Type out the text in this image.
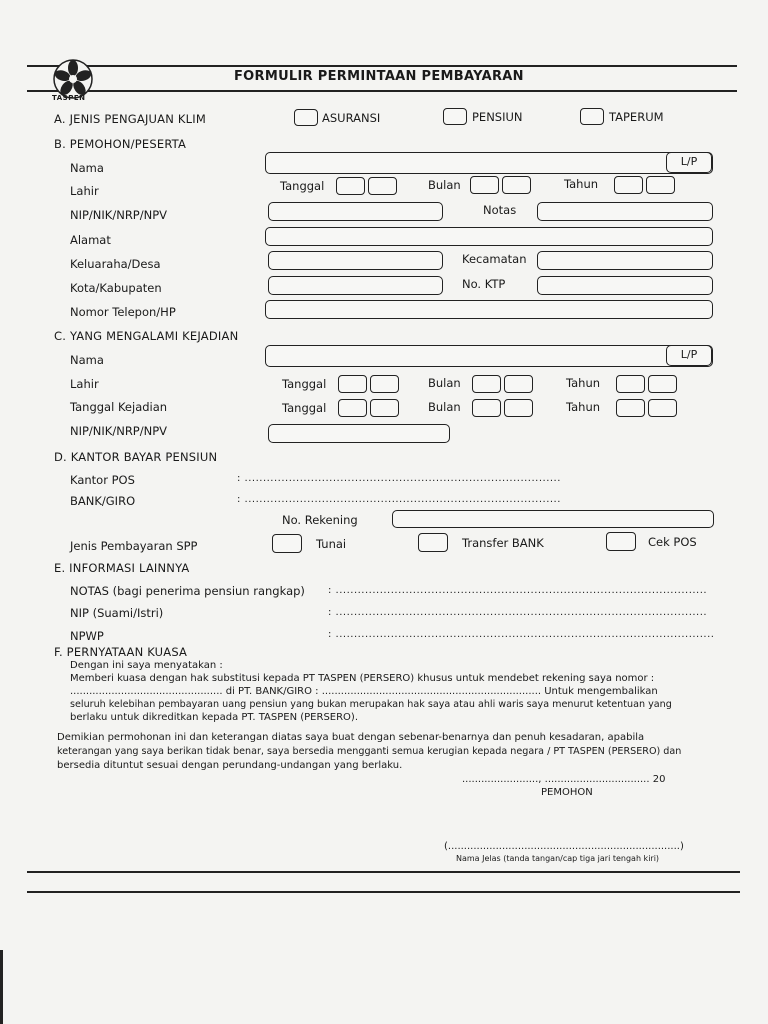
TASPEN
FORMULIR PERMINTAAN PEMBAYARAN
A. JENIS PENGAJUAN KLIM	ASURANSI	PENSIUN	TAPERUM
B. PEMOHON/PESERTA
Nama	L/P
Lahir	Tanggal	Bulan	Tahun
NIP/NIK/NRP/NPV	Notas
Alamat
Keluaraha/Desa	Kecamatan
Kota/Kabupaten	No. KTP
Nomor Telepon/HP
C. YANG MENGALAMI KEJADIAN
Nama	L/P
Lahir	Tanggal	Bulan	Tahun
Tanggal Kejadian	Tanggal	Bulan	Tahun
NIP/NIK/NRP/NPV
D. KANTOR BAYAR PENSIUN
Kantor POS	: ......................................................................................
BANK/GIRO	: ......................................................................................
No. Rekening
Jenis Pembayaran SPP	Tunai	Transfer BANK	Cek POS
E. INFORMASI LAINNYA
NOTAS (bagi penerima pensiun rangkap) : .....................................................................................................
NIP (Suami/Istri)	: .....................................................................................................
NPWP	: .......................................................................................................
F. PERNYATAAN KUASA
Dengan ini saya menyatakan :
Memberi kuasa dengan hak substitusi kepada PT TASPEN (PERSERO) khusus untuk mendebet rekening saya nomor :
................................................ di PT. BANK/GIRO : ..................................................................... Untuk mengembalikan
seluruh kelebihan pembayaran uang pensiun yang bukan merupakan hak saya atau ahli waris saya menurut ketentuan yang
berlaku untuk dikreditkan kepada PT. TASPEN (PERSERO).
Demikian permohonan ini dan keterangan diatas saya buat dengan sebenar-benarnya dan penuh kesadaran, apabila
keterangan yang saya berikan tidak benar, saya bersedia mengganti semua kerugian kepada negara / PT TASPEN (PERSERO) dan
bersedia dituntut sesuai dengan perundang-undangan yang berlaku.
........................, ................................. 20
PEMOHON
(.........................................................................)
Nama Jelas (tanda tangan/cap tiga jari tengah kiri)
